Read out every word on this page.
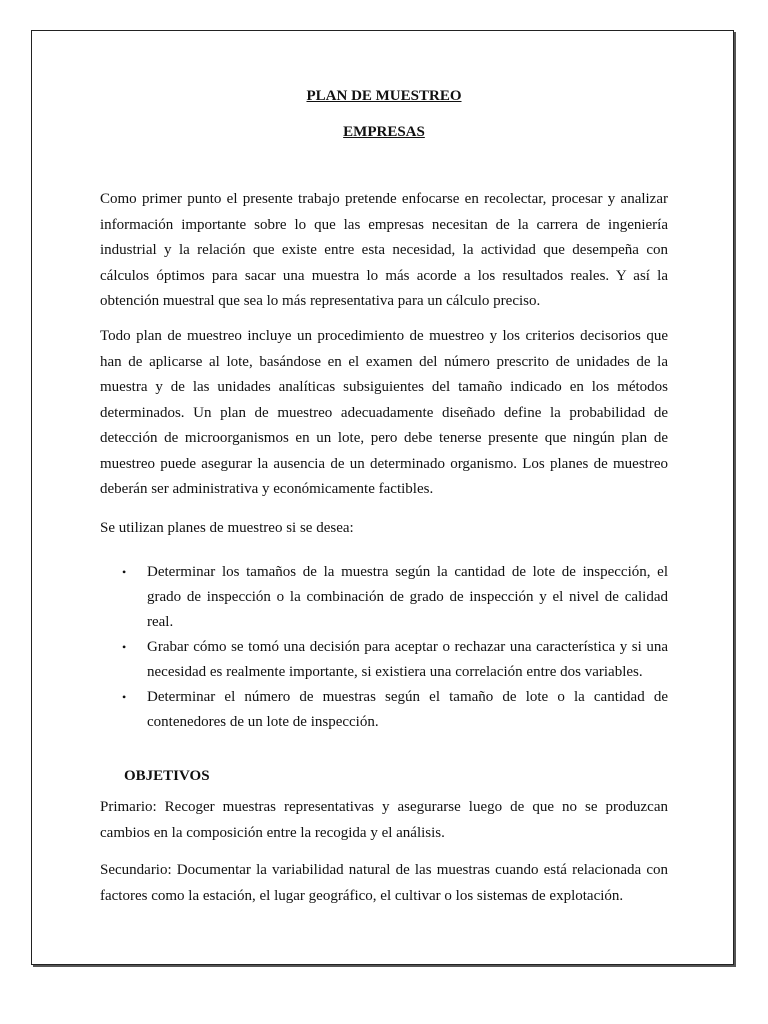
PLAN DE MUESTREO
EMPRESAS

Como primer punto el presente trabajo pretende enfocarse en recolectar, procesar y analizar información importante sobre lo que las empresas necesitan de la carrera de ingeniería industrial y la relación que existe entre esta necesidad, la actividad que desempeña con cálculos óptimos para sacar una muestra lo más acorde a los resultados reales. Y así la obtención muestral que sea lo más representativa para un cálculo preciso.

Todo plan de muestreo incluye un procedimiento de muestreo y los criterios decisorios que han de aplicarse al lote, basándose en el examen del número prescrito de unidades de la muestra y de las unidades analíticas subsiguientes del tamaño indicado en los métodos determinados. Un plan de muestreo adecuadamente diseñado define la probabilidad de detección de microorganismos en un lote, pero debe tenerse presente que ningún plan de muestreo puede asegurar la ausencia de un determinado organismo. Los planes de muestreo deberán ser administrativa y económicamente factibles.

Se utilizan planes de muestreo si se desea:

• Determinar los tamaños de la muestra según la cantidad de lote de inspección, el grado de inspección o la combinación de grado de inspección y el nivel de calidad real.
• Grabar cómo se tomó una decisión para aceptar o rechazar una característica y si una necesidad es realmente importante, si existiera una correlación entre dos variables.
• Determinar el número de muestras según el tamaño de lote o la cantidad de contenedores de un lote de inspección.
OBJETIVOS

Primario: Recoger muestras representativas y asegurarse luego de que no se produzcan cambios en la composición entre la recogida y el análisis.

Secundario: Documentar la variabilidad natural de las muestras cuando está relacionada con factores como la estación, el lugar geográfico, el cultivar o los sistemas de explotación.
